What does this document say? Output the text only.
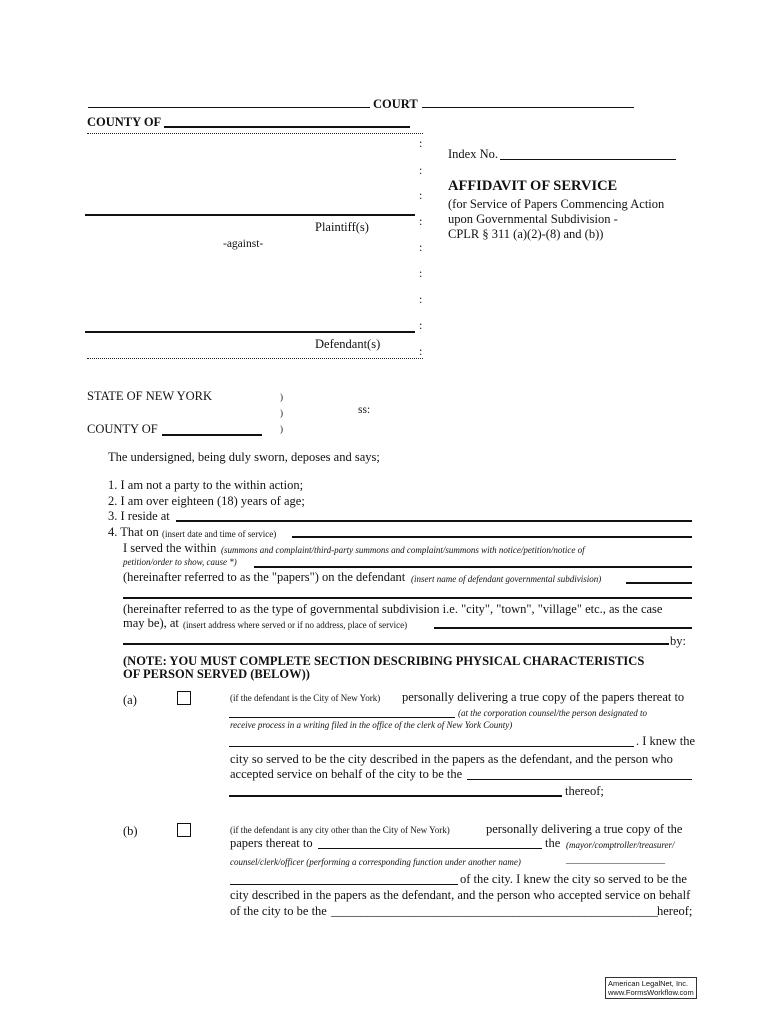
COURT
COUNTY OF
:
:
:
:
:
:
:
:
:
Plaintiff(s)
-against-
Defendant(s)
Index No.
AFFIDAVIT OF SERVICE
(for Service of Papers Commencing Action
upon Governmental Subdivision -
CPLR § 311 (a)(2)-(8) and (b))
STATE OF NEW YORK	)
)
)
ss:
COUNTY OF
The undersigned, being duly sworn, deposes and says;
1. I am not a party to the within action;
2. I am over eighteen (18) years of age;
3. I reside at
4. That on (insert date and time of service)
I served the within (summons and complaint/third-party summons and complaint/summons with notice/petition/notice of
petition/order to show, cause *)
(hereinafter referred to as the "papers") on the defendant (insert name of defendant governmental subdivision)
(hereinafter referred to as the type of governmental subdivision i.e. "city", "town", "village" etc., as the case
may be), at (insert address where served or if no address, place of service)
by:
(NOTE: YOU MUST COMPLETE SECTION DESCRIBING PHYSICAL CHARACTERISTICS
OF PERSON SERVED (BELOW))
(a)	(if the defendant is the City of New York) personally delivering a true copy of the papers thereat to
(at the corporation counsel/the person designated to
receive process in a writing filed in the office of the clerk of New York County)
. I knew the
city so served to be the city described in the papers as the defendant, and the person who
accepted service on behalf of the city to be the
thereof;
(b)	(if the defendant is any city other than the City of New York)	personally delivering a true copy of the
papers thereat to	the (mayor/comptroller/treasurer/
counsel/clerk/officer (performing a corresponding function under another name)	______________________
of the city. I knew the city so served to be the
city described in the papers as the defendant, and the person who accepted service on behalf
of the city to be the ______________________________________________________ hereof;
American LegalNet, Inc.
www.FormsWorkflow.com
